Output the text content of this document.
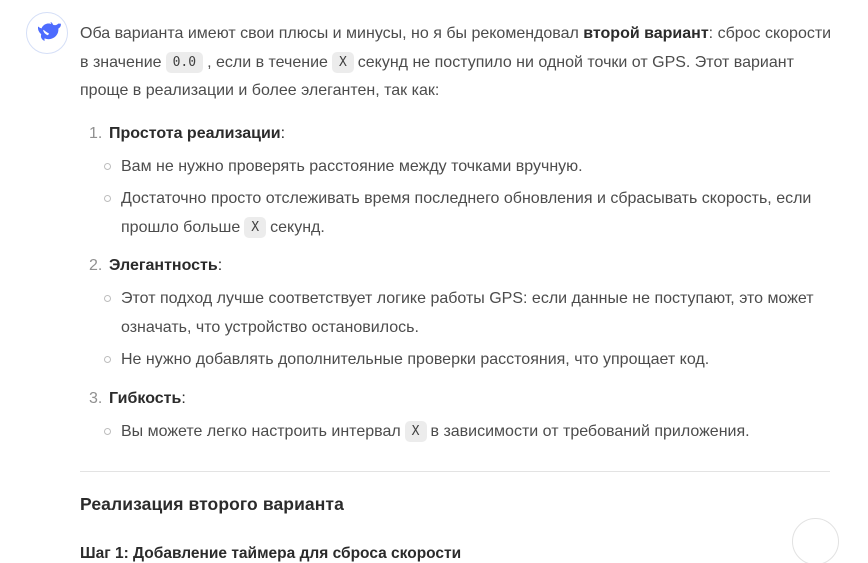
Оба варианта имеют свои плюсы и минусы, но я бы рекомендовал второй вариант: сброс скорости в значение 0.0 , если в течение X секунд не поступило ни одной точки от GPS. Этот вариант проще в реализации и более элегантен, так как:

1. Простота реализации:
Вам не нужно проверять расстояние между точками вручную.
Достаточно просто отслеживать время последнего обновления и сбрасывать скорость, если прошло больше X секунд.
2. Элегантность:
Этот подход лучше соответствует логике работы GPS: если данные не поступают, это может означать, что устройство остановилось.
Не нужно добавлять дополнительные проверки расстояния, что упрощает код.
3. Гибкость:
Вы можете легко настроить интервал X в зависимости от требований приложения.
Реализация второго варианта
Шаг 1: Добавление таймера для сброса скорости
